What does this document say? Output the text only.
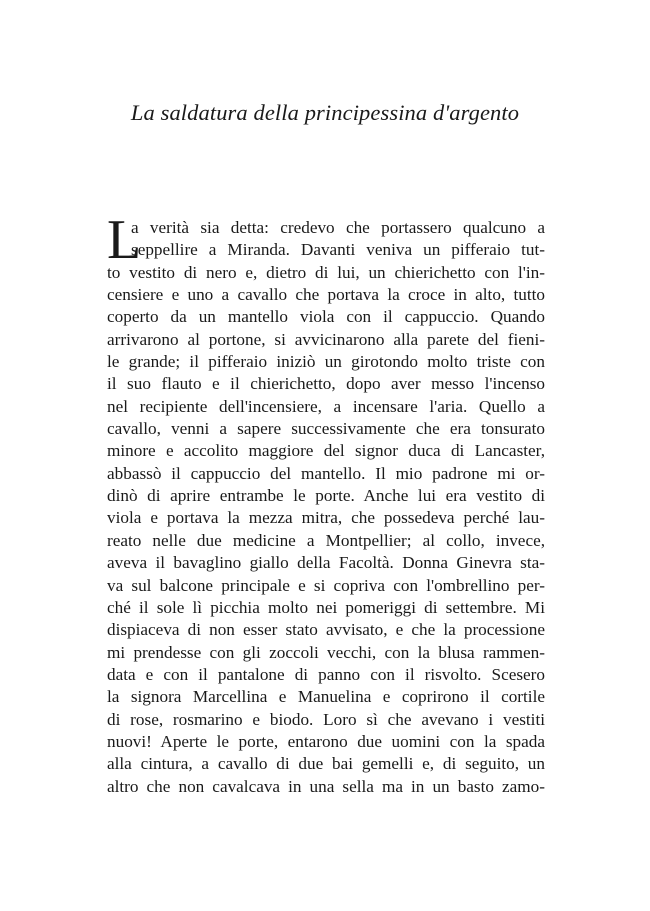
La saldatura della principessina d'argento
L
a verità sia detta: credevo che portassero qualcuno a
seppellire a Miranda. Davanti veniva un pifferaio tut-
to vestito di nero e, dietro di lui, un chierichetto con l'in-
censiere e uno a cavallo che portava la croce in alto, tutto
coperto da un mantello viola con il cappuccio. Quando
arrivarono al portone, si avvicinarono alla parete del fieni-
le grande; il pifferaio iniziò un girotondo molto triste con
il suo flauto e il chierichetto, dopo aver messo l'incenso
nel recipiente dell'incensiere, a incensare l'aria. Quello a
cavallo, venni a sapere successivamente che era tonsurato
minore e accolito maggiore del signor duca di Lancaster,
abbassò il cappuccio del mantello. Il mio padrone mi or-
dinò di aprire entrambe le porte. Anche lui era vestito di
viola e portava la mezza mitra, che possedeva perché lau-
reato nelle due medicine a Montpellier; al collo, invece,
aveva il bavaglino giallo della Facoltà. Donna Ginevra sta-
va sul balcone principale e si copriva con l'ombrellino per-
ché il sole lì picchia molto nei pomeriggi di settembre. Mi
dispiaceva di non esser stato avvisato, e che la processione
mi prendesse con gli zoccoli vecchi, con la blusa rammen-
data e con il pantalone di panno con il risvolto. Scesero
la signora Marcellina e Manuelina e coprirono il cortile
di rose, rosmarino e biodo. Loro sì che avevano i vestiti
nuovi! Aperte le porte, entarono due uomini con la spada
alla cintura, a cavallo di due bai gemelli e, di seguito, un
altro che non cavalcava in una sella ma in un basto zamo-
